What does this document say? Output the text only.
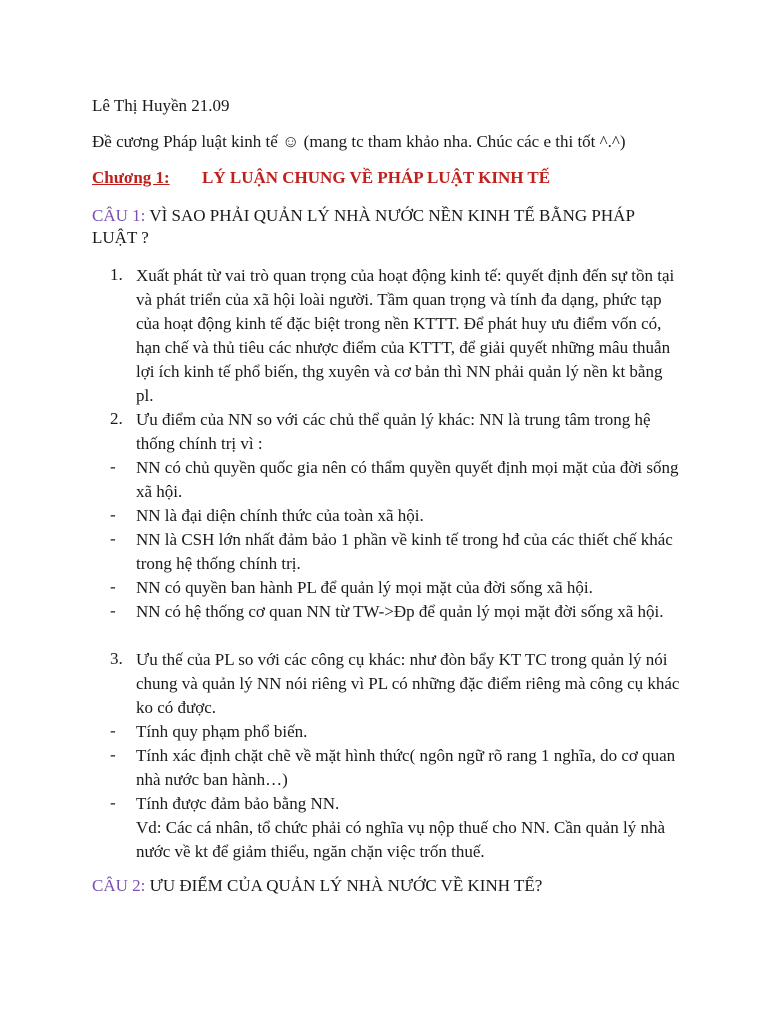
Lê Thị Huyền 21.09
Đề cương Pháp luật kinh tế ☺ (mang tc tham khảo nha. Chúc các e thi tốt ^.^)
Chương 1: LÝ LUẬN CHUNG VỀ PHÁP LUẬT KINH TẾ
CÂU 1: VÌ SAO PHẢI QUẢN LÝ NHÀ NƯỚC NỀN KINH TẾ BẰNG PHÁP LUẬT ?
1. Xuất phát từ vai trò quan trọng của hoạt động kinh tế: quyết định đến sự tồn tại và phát triển của xã hội loài người. Tầm quan trọng và tính đa dạng, phức tạp của hoạt động kinh tế đặc biệt trong nền KTTT. Để phát huy ưu điểm vốn có, hạn chế và thủ tiêu các nhược điểm của KTTT, để giải quyết những mâu thuẫn lợi ích kinh tế phổ biến, thg xuyên và cơ bản thì NN phải quản lý nền kt bằng pl.
2. Ưu điểm của NN so với các chủ thể quản lý khác: NN là trung tâm trong hệ thống chính trị vì :
-	NN có chủ quyền quốc gia nên có thẩm quyền quyết định mọi mặt của đời sống xã hội.
-	NN là đại diện chính thức của toàn xã hội.
-	NN là CSH lớn nhất đảm bảo 1 phần về kinh tế trong hđ của các thiết chế khác trong hệ thống chính trị.
-	NN có quyền ban hành PL để quản lý mọi mặt của đời sống xã hội.
-	NN có hệ thống cơ quan NN từ TW->Đp để quản lý mọi mặt đời sống xã hội.
3. Ưu thế của PL so với các công cụ khác: như đòn bẩy KT TC trong quản lý nói chung và quản lý NN nói riêng vì PL có những đặc điểm riêng mà công cụ khác ko có được.
-	Tính quy phạm phổ biến.
-	Tính xác định chặt chẽ về mặt hình thức( ngôn ngữ rõ rang 1 nghĩa, do cơ quan nhà nước ban hành…)
-	Tính được đảm bảo bằng NN.
Vd: Các cá nhân, tổ chức phải có nghĩa vụ nộp thuế cho NN. Cần quản lý nhà nước về kt để giảm thiểu, ngăn chặn việc trốn thuế.
CÂU 2: ƯU ĐIỂM CỦA QUẢN LÝ NHÀ NƯỚC VỀ KINH TẾ?
